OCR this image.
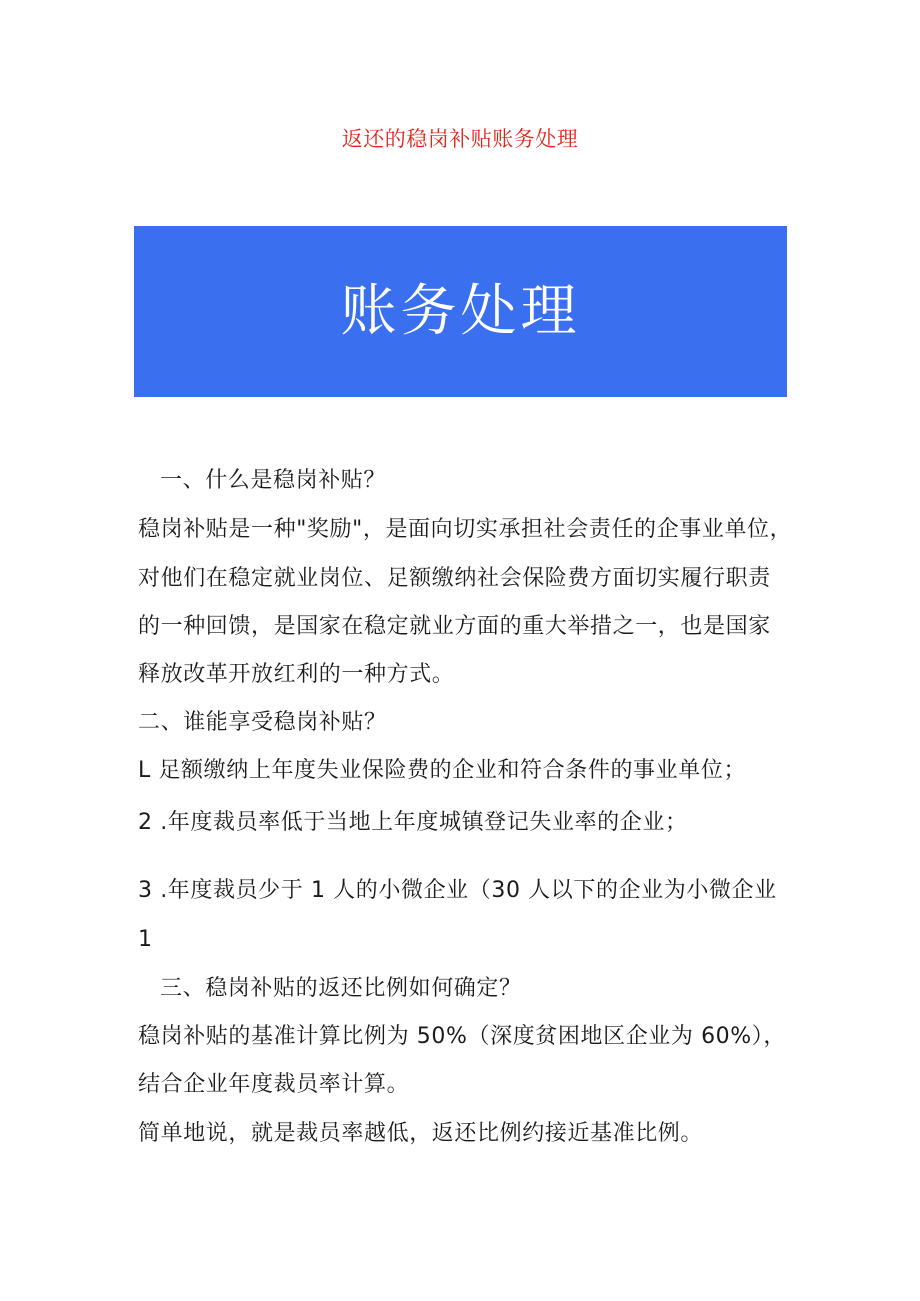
返还的稳岗补贴账务处理
账务处理
一、什么是稳岗补贴？
稳岗补贴是一种"奖励"，是面向切实承担社会责任的企事业单位，
对他们在稳定就业岗位、足额缴纳社会保险费方面切实履行职责
的一种回馈，是国家在稳定就业方面的重大举措之一，也是国家
释放改革开放红利的一种方式。
二、谁能享受稳岗补贴？
L 足额缴纳上年度失业保险费的企业和符合条件的事业单位；
2 .年度裁员率低于当地上年度城镇登记失业率的企业；
3 .年度裁员少于 1 人的小微企业（30 人以下的企业为小微企业
1
三、稳岗补贴的返还比例如何确定？
稳岗补贴的基准计算比例为 50%（深度贫困地区企业为 60%），
结合企业年度裁员率计算。
简单地说，就是裁员率越低，返还比例约接近基准比例。
